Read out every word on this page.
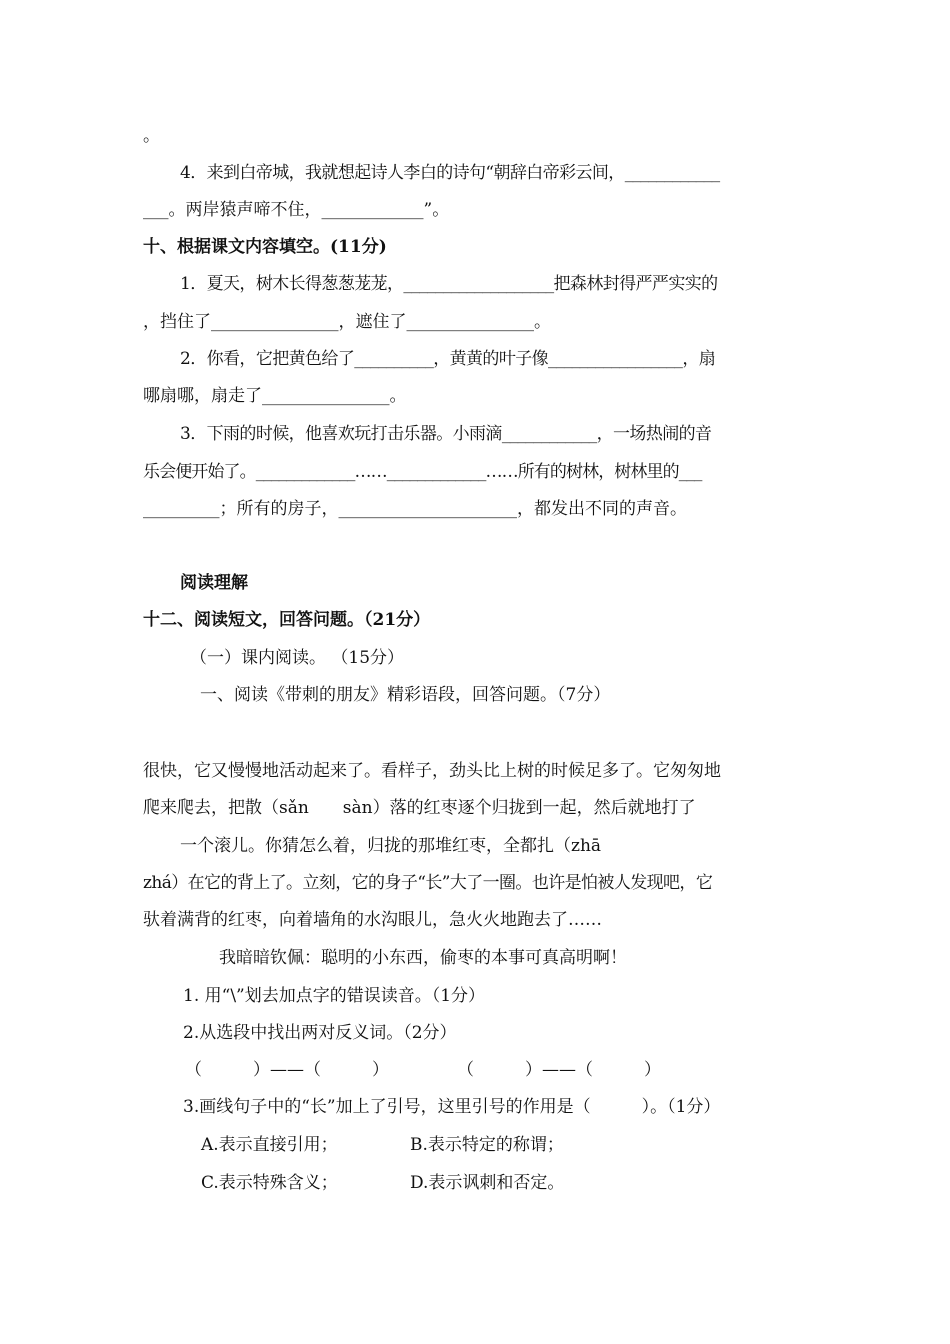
。
4．来到白帝城，我就想起诗人李白的诗句“朝辞白帝彩云间，____________
___。两岸猿声啼不住，____________”。
十、根据课文内容填空。(11分)
1．夏天，树木长得葱葱茏茏，___________________把森林封得严严实实的
，挡住了_______________，遮住了_______________。
2．你看，它把黄色给了__________，黄黄的叶子像_________________，扇
哪扇哪，扇走了_______________。
3．下雨的时候，他喜欢玩打击乐器。小雨滴____________，一场热闹的音
乐会便开始了。_____________……_____________……所有的树林，树林里的___
_________；所有的房子，_____________________，都发出不同的声音。
阅读理解
十二、阅读短文，回答问题。（21分）
（一）课内阅读。 （15分）
一、阅读《带刺的朋友》精彩语段，回答问题。（7分）
很快，它又慢慢地活动起来了。看样子，劲头比上树的时候足多了。它匆匆地
爬来爬去，把散（sǎn　　sàn）落的红枣逐个归拢到一起，然后就地打了
一个滚儿。你猜怎么着，归拢的那堆红枣，全都扎（zhā
zhá）在它的背上了。立刻，它的身子“长”大了一圈。也许是怕被人发现吧，它
驮着满背的红枣，向着墙角的水沟眼儿，急火火地跑去了……
我暗暗钦佩：聪明的小东西，偷枣的本事可真高明啊！
1. 用“\”划去加点字的错误读音。（1分）
2.从选段中找出两对反义词。（2分）
（　　　）——（　　　）　　　　　（　　　）——（　　　）
3.画线句子中的“长”加上了引号，这里引号的作用是（　　　）。（1分）
A.表示直接引用；	B.表示特定的称谓；
C.表示特殊含义；	D.表示讽刺和否定。
